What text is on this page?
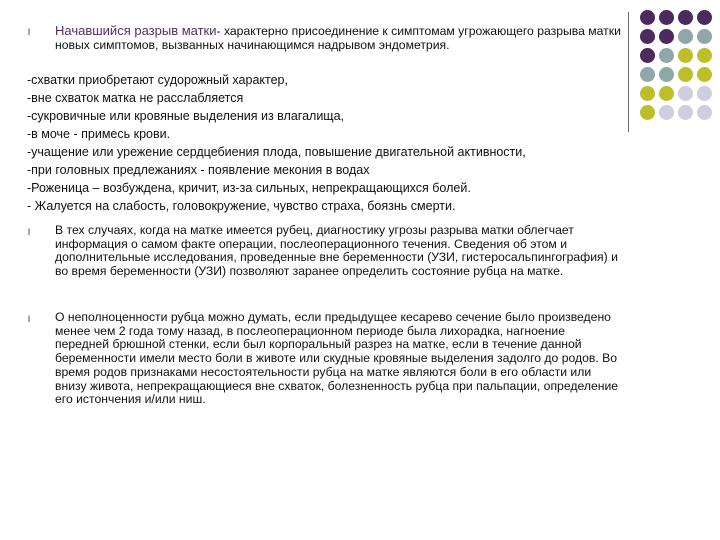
l	Начавшийся разрыв матки- характерно присоединение к симптомам угрожающего разрыва матки новых симптомов, вызванных начинающимся надрывом эндометрия.
-схватки приобретают судорожный характер,
-вне схваток матка не расслабляется
-сукровичные или кровяные выделения из влагалища,
-в моче - примесь крови.
-учащение или урежение сердцебиения плода, повышение двигательной активности,
-при головных предлежаниях - появление мекония в водах
-Роженица – возбуждена, кричит, из-за сильных, непрекращающихся болей.
- Жалуется на слабость, головокружение, чувство страха, боязнь смерти.
l	В тех случаях, когда на матке имеется рубец, диагностику угрозы разрыва матки облегчает информация о самом факте операции, послеоперационного течения. Сведения об этом и дополнительные исследования, проведенные вне беременности (УЗИ, гистеросальпингография) и во время беременности (УЗИ) позволяют заранее определить состояние рубца на матке.
l	О неполноценности рубца можно думать, если предыдущее кесарево сечение было произведено менее чем 2 года тому назад, в послеоперационном периоде была лихорадка, нагноение передней брюшной стенки, если был корпоральный разрез на матке, если в течение данной беременности имели место боли в животе или скудные кровяные выделения задолго до родов. Во время родов признаками несостоятельности рубца на матке являются боли в его области или внизу живота, непрекращающиеся вне схваток, болезненность рубца при пальпации, определение его истончения и/или ниш.
